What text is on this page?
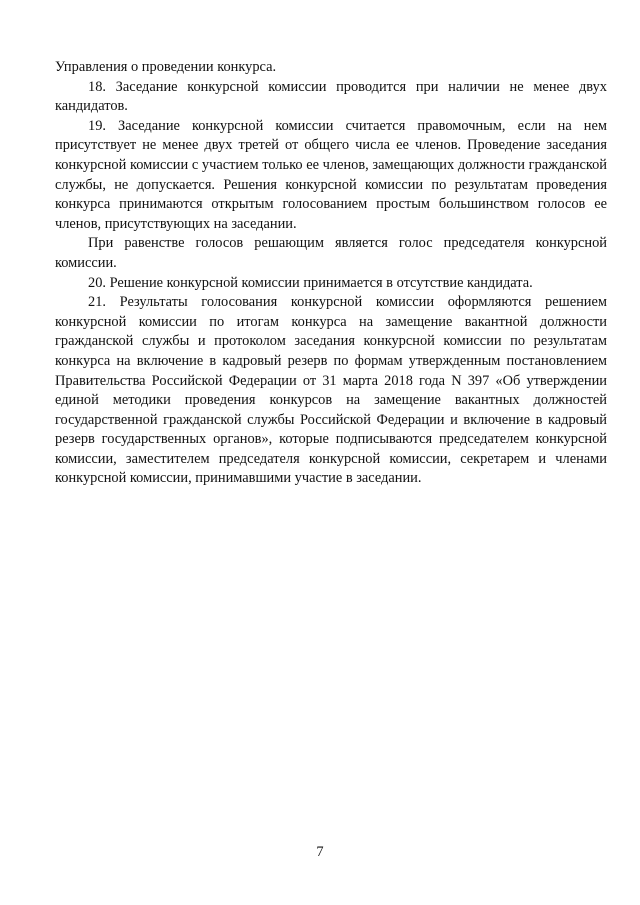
Управления о проведении конкурса.

18. Заседание конкурсной комиссии проводится при наличии не менее двух кандидатов.

19. Заседание конкурсной комиссии считается правомочным, если на нем присутствует не менее двух третей от общего числа ее членов. Проведение заседания конкурсной комиссии с участием только ее членов, замещающих должности гражданской службы, не допускается. Решения конкурсной комиссии по результатам проведения конкурса принимаются открытым голосованием простым большинством голосов ее членов, присутствующих на заседании.

При равенстве голосов решающим является голос председателя конкурсной комиссии.

20. Решение конкурсной комиссии принимается в отсутствие кандидата.

21. Результаты голосования конкурсной комиссии оформляются решением конкурсной комиссии по итогам конкурса на замещение вакантной должности гражданской службы и протоколом заседания конкурсной комиссии по результатам конкурса на включение в кадровый резерв по формам утвержденным постановлением Правительства Российской Федерации от 31 марта 2018 года N 397 «Об утверждении единой методики проведения конкурсов на замещение вакантных должностей государственной гражданской службы Российской Федерации и включение в кадровый резерв государственных органов», которые подписываются председателем конкурсной комиссии, заместителем председателя конкурсной комиссии, секретарем и членами конкурсной комиссии, принимавшими участие в заседании.

7
